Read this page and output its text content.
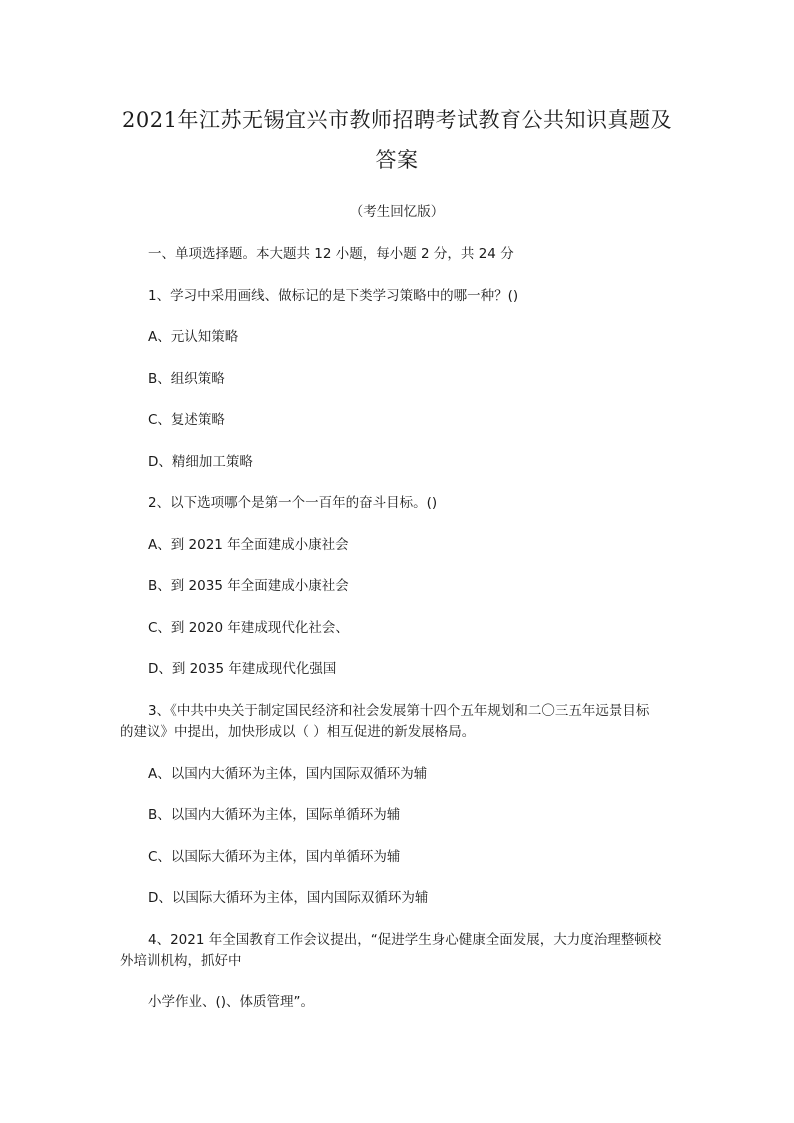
2021年江苏无锡宜兴市教师招聘考试教育公共知识真题及
答案
（考生回忆版）
一、单项选择题。本大题共 12 小题，每小题 2 分，共 24 分
1、学习中采用画线、做标记的是下类学习策略中的哪一种？()
A、元认知策略
B、组织策略
C、复述策略
D、精细加工策略
2、以下选项哪个是第一个一百年的奋斗目标。()
A、到 2021 年全面建成小康社会
B、到 2035 年全面建成小康社会
C、到 2020 年建成现代化社会、
D、到 2035 年建成现代化强国
3、《中共中央关于制定国民经济和社会发展第十四个五年规划和二〇三五年远景目标
的建议》中提出，加快形成以（ ）相互促进的新发展格局。
A、以国内大循环为主体，国内国际双循环为辅
B、以国内大循环为主体，国际单循环为辅
C、以国际大循环为主体，国内单循环为辅
D、以国际大循环为主体，国内国际双循环为辅
4、2021 年全国教育工作会议提出，“促进学生身心健康全面发展，大力度治理整顿校
外培训机构，抓好中
小学作业、()、体质管理”。
